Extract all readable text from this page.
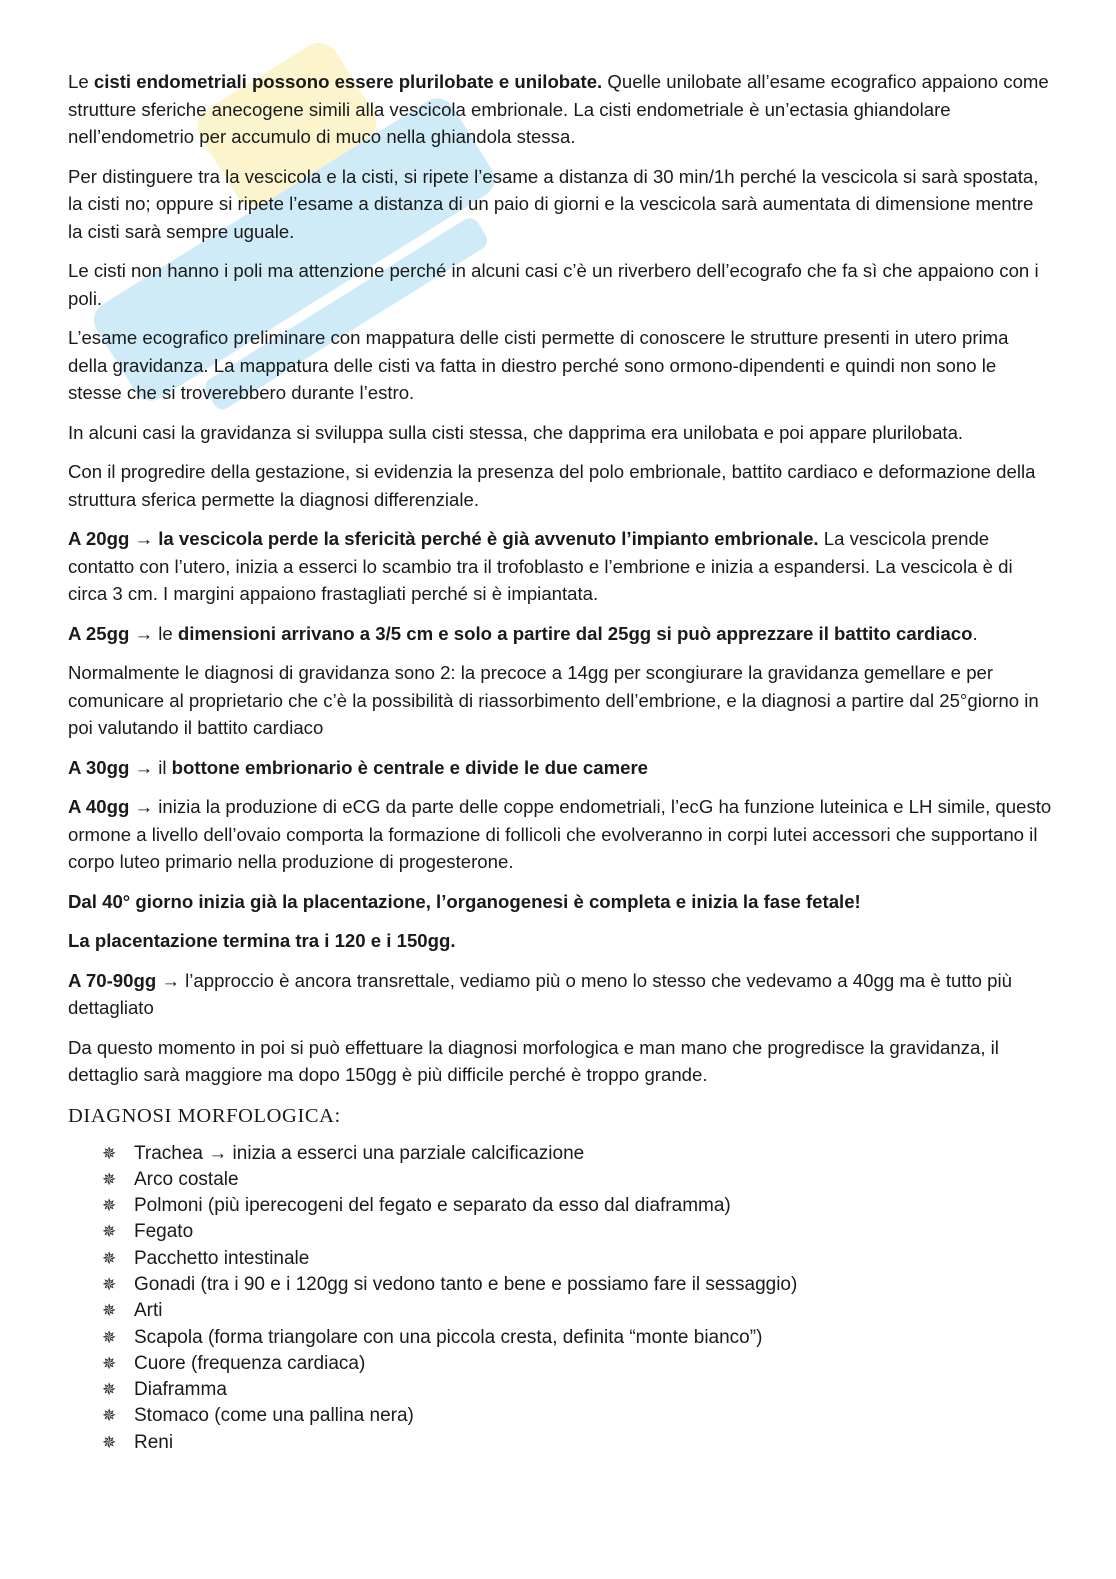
Le cisti endometriali possono essere plurilobate e unilobate. Quelle unilobate all’esame ecografico appaiono come strutture sferiche anecogene simili alla vescicola embrionale. La cisti endometriale è un’ectasia ghiandolare nell’endometrio per accumulo di muco nella ghiandola stessa.

Per distinguere tra la vescicola e la cisti, si ripete l’esame a distanza di 30 min/1h perché la vescicola si sarà spostata, la cisti no; oppure si ripete l’esame a distanza di un paio di giorni e la vescicola sarà aumentata di dimensione mentre la cisti sarà sempre uguale.

Le cisti non hanno i poli ma attenzione perché in alcuni casi c’è un riverbero dell’ecografo che fa sì che appaiono con i poli.

L’esame ecografico preliminare con mappatura delle cisti permette di conoscere le strutture presenti in utero prima della gravidanza. La mappatura delle cisti va fatta in diestro perché sono ormono-dipendenti e quindi non sono le stesse che si troverebbero durante l’estro.

In alcuni casi la gravidanza si sviluppa sulla cisti stessa, che dapprima era unilobata e poi appare plurilobata.

Con il progredire della gestazione, si evidenzia la presenza del polo embrionale, battito cardiaco e deformazione della struttura sferica permette la diagnosi differenziale.

A 20gg → la vescicola perde la sfericità perché è già avvenuto l’impianto embrionale. La vescicola prende contatto con l’utero, inizia a esserci lo scambio tra il trofoblasto e l’embrione e inizia a espandersi. La vescicola è di circa 3 cm. I margini appaiono frastagliati perché si è impiantata.

A 25gg → le dimensioni arrivano a 3/5 cm e solo a partire dal 25gg si può apprezzare il battito cardiaco.

Normalmente le diagnosi di gravidanza sono 2: la precoce a 14gg per scongiurare la gravidanza gemellare e per comunicare al proprietario che c’è la possibilità di riassorbimento dell’embrione, e la diagnosi a partire dal 25°giorno in poi valutando il battito cardiaco

A 30gg → il bottone embrionario è centrale e divide le due camere

A 40gg → inizia la produzione di eCG da parte delle coppe endometriali, l’ecG ha funzione luteinica e LH simile, questo ormone a livello dell’ovaio comporta la formazione di follicoli che evolveranno in corpi lutei accessori che supportano il corpo luteo primario nella produzione di progesterone.

Dal 40° giorno inizia già la placentazione, l’organogenesi è completa e inizia la fase fetale!

La placentazione termina tra i 120 e i 150gg.

A 70-90gg → l’approccio è ancora transrettale, vediamo più o meno lo stesso che vedevamo a 40gg ma è tutto più dettagliato

Da questo momento in poi si può effettuare la diagnosi morfologica e man mano che progredisce la gravidanza, il dettaglio sarà maggiore ma dopo 150gg è più difficile perché è troppo grande.

DIAGNOSI MORFOLOGICA:
✵ Trachea → inizia a esserci una parziale calcificazione
✵ Arco costale
✵ Polmoni (più iperecogeni del fegato e separato da esso dal diaframma)
✵ Fegato
✵ Pacchetto intestinale
✵ Gonadi (tra i 90 e i 120gg si vedono tanto e bene e possiamo fare il sessaggio)
✵ Arti
✵ Scapola (forma triangolare con una piccola cresta, definita “monte bianco”)
✵ Cuore (frequenza cardiaca)
✵ Diaframma
✵ Stomaco (come una pallina nera)
✵ Reni
